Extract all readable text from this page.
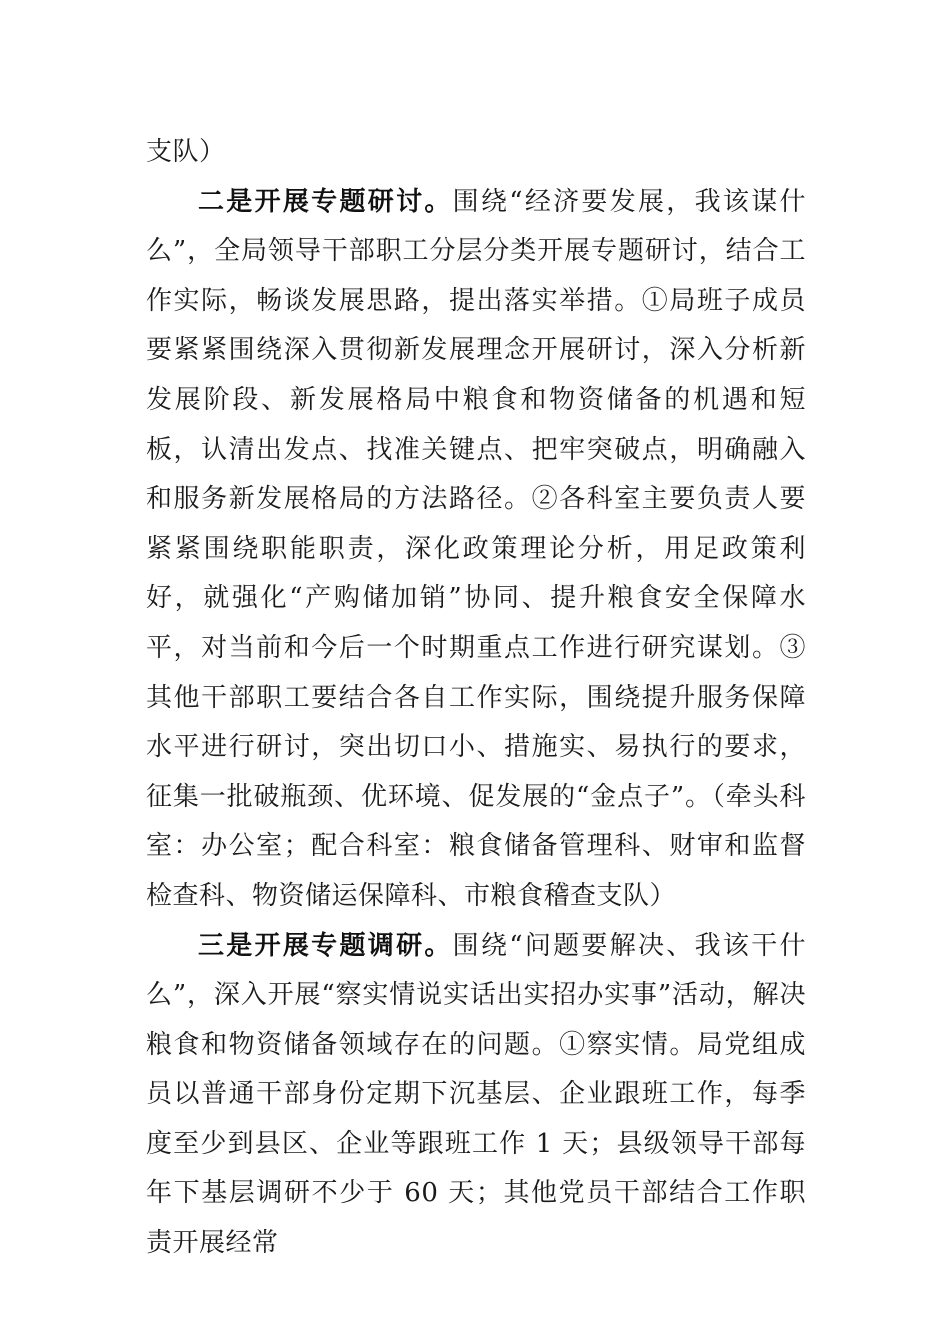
支队）

二是开展专题研讨。围绕“经济要发展，我该谋什么”，全局领导干部职工分层分类开展专题研讨，结合工作实际，畅谈发展思路，提出落实举措。①局班子成员要紧紧围绕深入贯彻新发展理念开展研讨，深入分析新发展阶段、新发展格局中粮食和物资储备的机遇和短板，认清出发点、找准关键点、把牢突破点，明确融入和服务新发展格局的方法路径。②各科室主要负责人要紧紧围绕职能职责，深化政策理论分析，用足政策利好，就强化“产购储加销”协同、提升粮食安全保障水平，对当前和今后一个时期重点工作进行研究谋划。③其他干部职工要结合各自工作实际，围绕提升服务保障水平进行研讨，突出切口小、措施实、易执行的要求，征集一批破瓶颈、优环境、促发展的“金点子”。（牵头科室：办公室；配合科室：粮食储备管理科、财审和监督检查科、物资储运保障科、市粮食稽查支队）

三是开展专题调研。围绕“问题要解决、我该干什么”，深入开展“察实情说实话出实招办实事”活动，解决粮食和物资储备领域存在的问题。①察实情。局党组成员以普通干部身份定期下沉基层、企业跟班工作，每季度至少到县区、企业等跟班工作 1 天；县级领导干部每年下基层调研不少于 60 天；其他党员干部结合工作职责开展经常
